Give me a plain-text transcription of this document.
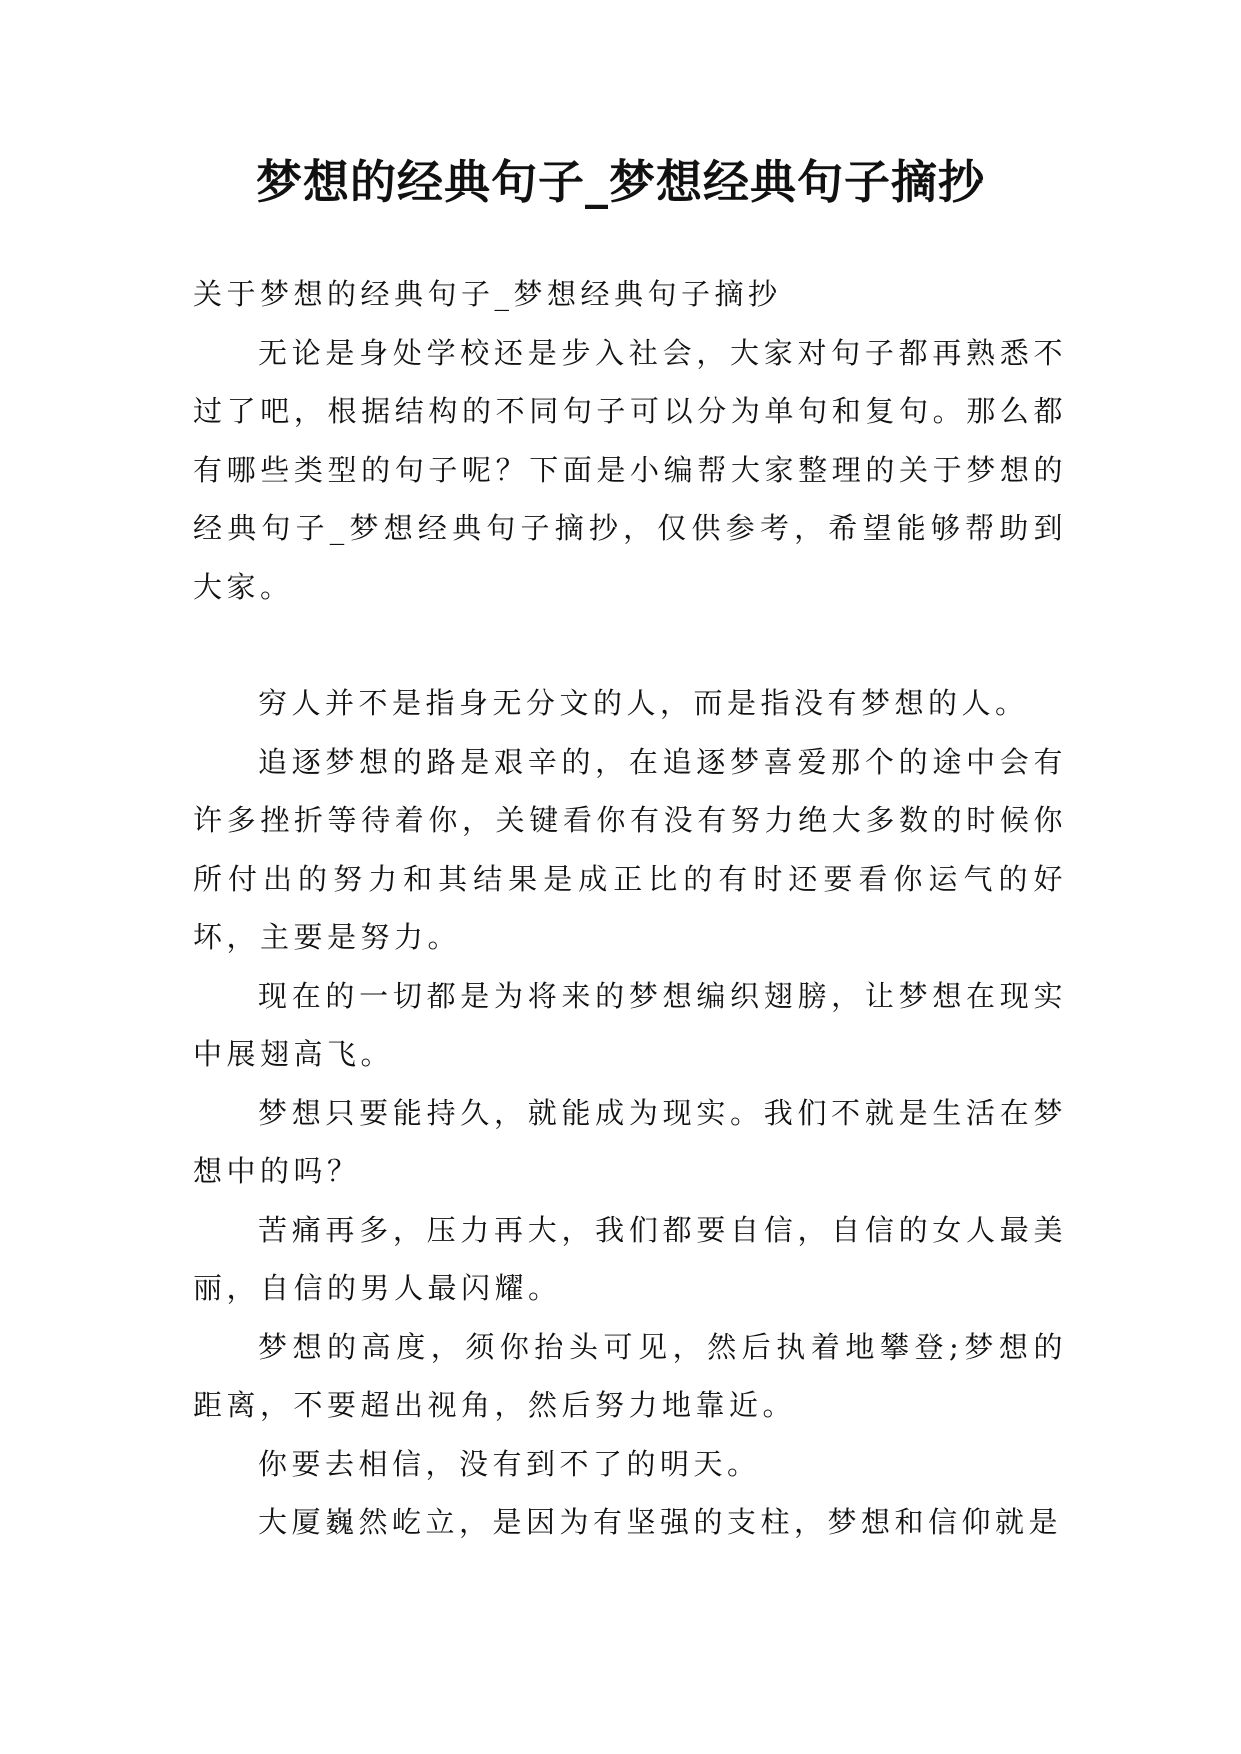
梦想的经典句子_梦想经典句子摘抄

关于梦想的经典句子_梦想经典句子摘抄

无论是身处学校还是步入社会，大家对句子都再熟悉不过了吧，根据结构的不同句子可以分为单句和复句。那么都有哪些类型的句子呢？下面是小编帮大家整理的关于梦想的经典句子_梦想经典句子摘抄，仅供参考，希望能够帮助到大家。

穷人并不是指身无分文的人，而是指没有梦想的人。

追逐梦想的路是艰辛的，在追逐梦喜爱那个的途中会有许多挫折等待着你，关键看你有没有努力绝大多数的时候你所付出的努力和其结果是成正比的有时还要看你运气的好坏，主要是努力。

现在的一切都是为将来的梦想编织翅膀，让梦想在现实中展翅高飞。

梦想只要能持久，就能成为现实。我们不就是生活在梦想中的吗？

苦痛再多，压力再大，我们都要自信，自信的女人最美丽，自信的男人最闪耀。

梦想的高度，须你抬头可见，然后执着地攀登;梦想的距离，不要超出视角，然后努力地靠近。

你要去相信，没有到不了的明天。

大厦巍然屹立，是因为有坚强的支柱，梦想和信仰就是
